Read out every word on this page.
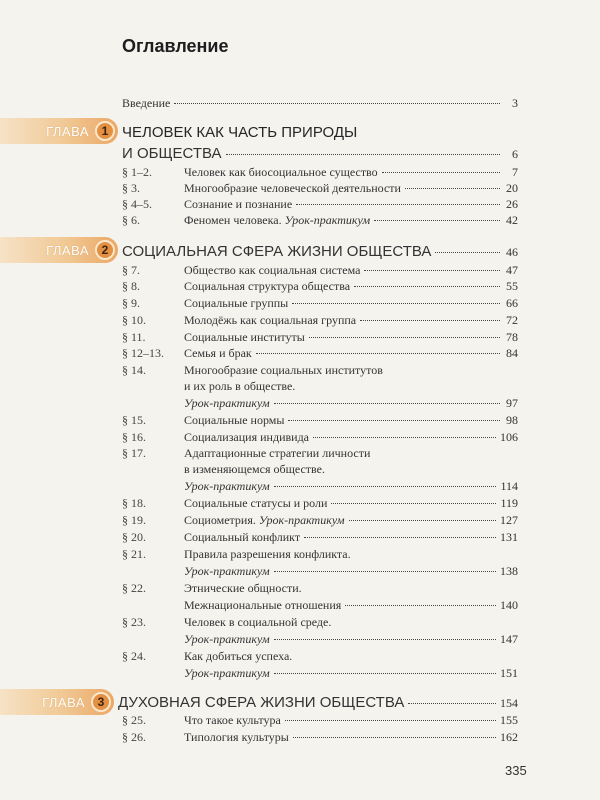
Оглавление
Введение	3
ГЛАВА	1 ЧЕЛОВЕК КАК ЧАСТЬ ПРИРОДЫ
И ОБЩЕСТВА	6
§ 1–2.	Человек как биосоциальное существо	7
§ 3.	Многообразие человеческой деятельности	20
§ 4–5.	Сознание и познание	26
§ 6.	Феномен человека.
Урок-практикум	42
ГЛАВА	2 СОЦИАЛЬНАЯ СФЕРА ЖИЗНИ ОБЩЕСТВА	46
§ 7.	Общество как социальная система	47
§ 8.	Социальная структура общества	55
§ 9.	Социальные группы	66
§ 10.	Молодёжь как социальная группа	72
§ 11.	Социальные институты	78
§ 12–13.	Семья и брак	84
§ 14.	Многообразие социальных институтов
и их роль в обществе.
Урок-практикум	97
§ 15.	Социальные нормы	98
§ 16.	Социализация индивида	106
§ 17.	Адаптационные стратегии личности
в изменяющемся обществе.
Урок-практикум	114
§ 18.	Социальные статусы и роли	119
§ 19.	Социометрия.
Урок-практикум	127
§ 20.	Социальный конфликт	131
§ 21.	Правила разрешения конфликта.
Урок-практикум	138
§ 22.	Этнические общности.
Межнациональные отношения	140
§ 23.	Человек в социальной среде.
Урок-практикум	147
§ 24.	Как добиться успеха.
Урок-практикум	151
ГЛАВА	3 ДУХОВНАЯ СФЕРА ЖИЗНИ ОБЩЕСТВА	154
§ 25.	Что такое культура	155
§ 26.	Типология культуры	162
335
